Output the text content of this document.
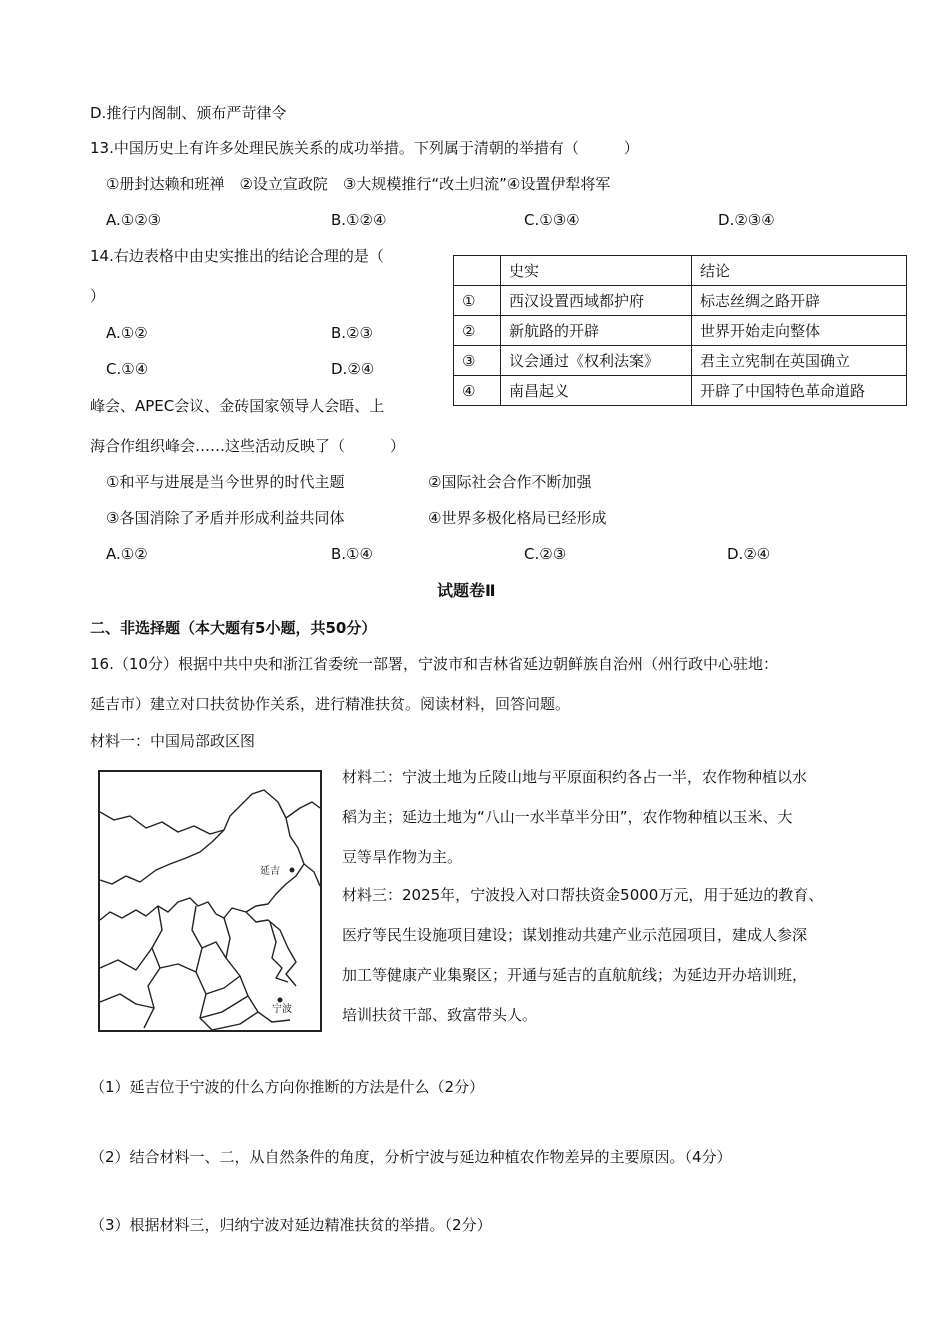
D.推行内阁制、颁布严苛律令
13.中国历史上有许多处理民族关系的成功举措。下列属于清朝的举措有（　　　）
①册封达赖和班禅　②设立宣政院　③大规模推行“改土归流”④设置伊犁将军
A.①②③	B.①②④	C.①③④	D.②③④
14.右边表格中由史实推出的结论合理的是（
）
A.①②	B.②③
C.①④	D.②④
	史实	结论
①	西汉设置西域都护府	标志丝绸之路开辟
②	新航路的开辟	世界开始走向整体
③	议会通过《权利法案》	君主立宪制在英国确立
④	南昌起义	开辟了中国特色革命道路
峰会、APEC会议、金砖国家领导人会晤、上
海合作组织峰会……这些活动反映了（　　　）
①和平与进展是当今世界的时代主题	②国际社会合作不断加强
③各国消除了矛盾并形成利益共同体	④世界多极化格局已经形成
A.①②	B.①④	C.②③	D.②④
试题卷Ⅱ
二、非选择题（本大题有5小题，共50分）
16.（10分）根据中共中央和浙江省委统一部署，宁波市和吉林省延边朝鲜族自治州（州行政中心驻地：
延吉市）建立对口扶贫协作关系，进行精准扶贫。阅读材料，回答问题。
材料一：中国局部政区图
延吉
宁波
材料二：宁波土地为丘陵山地与平原面积约各占一半，农作物种植以水
稻为主；延边土地为“八山一水半草半分田”，农作物种植以玉米、大
豆等旱作物为主。
材料三：2025年，宁波投入对口帮扶资金5000万元，用于延边的教育、
医疗等民生设施项目建设；谋划推动共建产业示范园项目，建成人参深
加工等健康产业集聚区；开通与延吉的直航航线；为延边开办培训班，
培训扶贫干部、致富带头人。
（1）延吉位于宁波的什么方向你推断的方法是什么（2分）
（2）结合材料一、二，从自然条件的角度，分析宁波与延边种植农作物差异的主要原因。（4分）
（3）根据材料三，归纳宁波对延边精准扶贫的举措。（2分）
